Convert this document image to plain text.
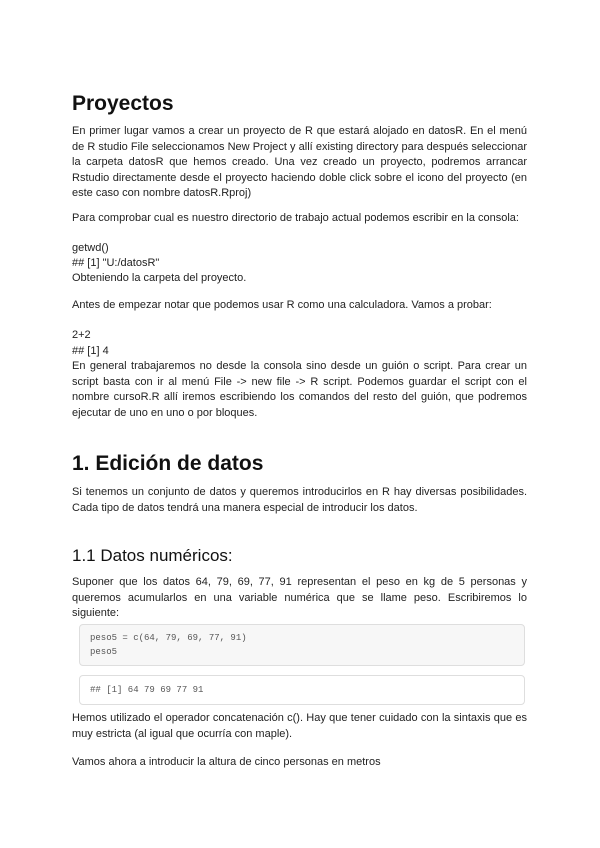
Proyectos

En primer lugar vamos a crear un proyecto de R que estará alojado en datosR. En el menú de R studio File seleccionamos New Project y allí existing directory para después seleccionar la carpeta datosR que hemos creado. Una vez creado un proyecto, podremos arrancar Rstudio directamente desde el proyecto haciendo doble click sobre el icono del proyecto (en este caso con nombre datosR.Rproj)

Para comprobar cual es nuestro directorio de trabajo actual podemos escribir en la consola:

getwd()
## [1] "U:/datosR"
Obteniendo la carpeta del proyecto.

Antes de empezar notar que podemos usar R como una calculadora. Vamos a probar:

2+2
## [1] 4

En general trabajaremos no desde la consola sino desde un guión o script. Para crear un script basta con ir al menú File -> new file -> R script. Podemos guardar el script con el nombre cursoR.R allí iremos escribiendo los comandos del resto del guión, que podremos ejecutar de uno en uno o por bloques.

1. Edición de datos

Si tenemos un conjunto de datos y queremos introducirlos en R hay diversas posibilidades. Cada tipo de datos tendrá una manera especial de introducir los datos.

1.1 Datos numéricos:

Suponer que los datos 64, 79, 69, 77, 91 representan el peso en kg de 5 personas y queremos acumularlos en una variable numérica que se llame peso. Escribiremos lo siguiente:

peso5 = c(64, 79, 69, 77, 91)
peso5
## [1] 64 79 69 77 91

Hemos utilizado el operador concatenación c(). Hay que tener cuidado con la sintaxis que es muy estricta (al igual que ocurría con maple).

Vamos ahora a introducir la altura de cinco personas en metros
